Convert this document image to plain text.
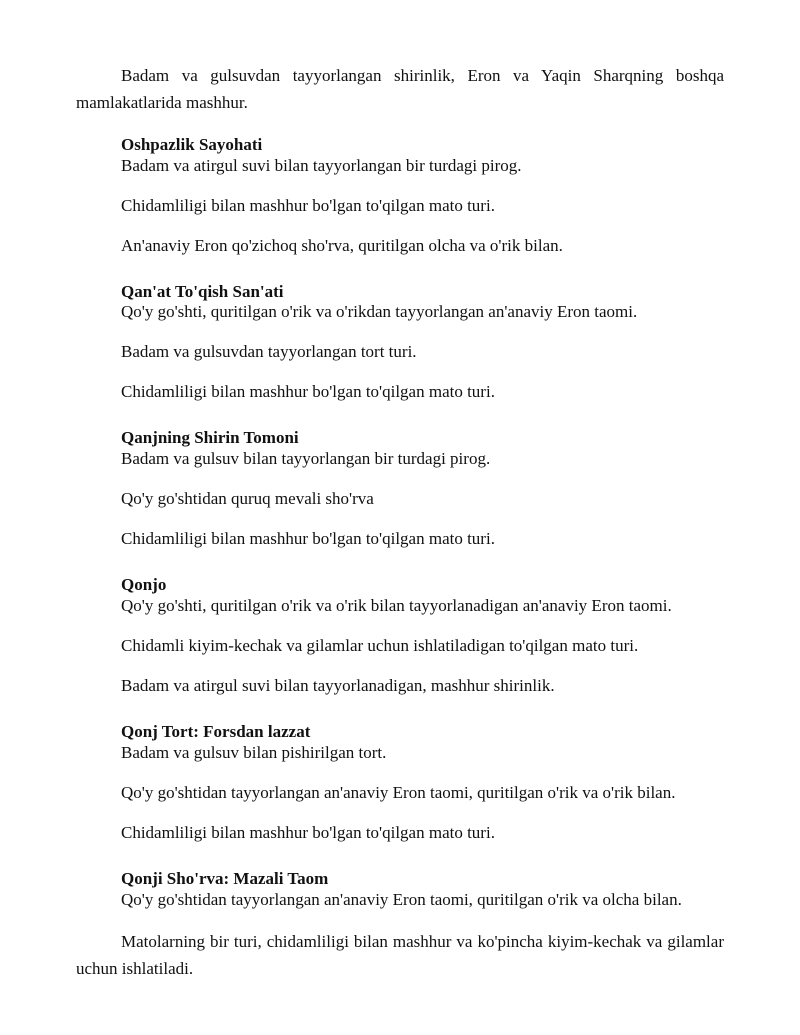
Badam va gulsuvdan tayyorlangan shirinlik, Eron va Yaqin Sharqning boshqa mamlakatlarida mashhur.

Oshpazlik Sayohati
Badam va atirgul suvi bilan tayyorlangan bir turdagi pirog.
Chidamliligi bilan mashhur bo'lgan to'qilgan mato turi.
An'anaviy Eron qo'zichoq sho'rva, quritilgan olcha va o'rik bilan.
Qan'at To'qish San'ati
Qo'y go'shti, quritilgan o'rik va o'rikdan tayyorlangan an'anaviy Eron taomi.
Badam va gulsuvdan tayyorlangan tort turi.
Chidamliligi bilan mashhur bo'lgan to'qilgan mato turi.
Qanjning Shirin Tomoni
Badam va gulsuv bilan tayyorlangan bir turdagi pirog.
Qo'y go'shtidan quruq mevali sho'rva
Chidamliligi bilan mashhur bo'lgan to'qilgan mato turi.
Qonjo
Qo'y go'shti, quritilgan o'rik va o'rik bilan tayyorlanadigan an'anaviy Eron taomi.
Chidamli kiyim-kechak va gilamlar uchun ishlatiladigan to'qilgan mato turi.
Badam va atirgul suvi bilan tayyorlanadigan, mashhur shirinlik.
Qonj Tort: Forsdan lazzat
Badam va gulsuv bilan pishirilgan tort.
Qo'y go'shtidan tayyorlangan an'anaviy Eron taomi, quritilgan o'rik va o'rik bilan.
Chidamliligi bilan mashhur bo'lgan to'qilgan mato turi.
Qonji Sho'rva: Mazali Taom
Qo'y go'shtidan tayyorlangan an'anaviy Eron taomi, quritilgan o'rik va olcha bilan.

Matolarning bir turi, chidamliligi bilan mashhur va ko'pincha kiyim-kechak va gilamlar uchun ishlatiladi.
